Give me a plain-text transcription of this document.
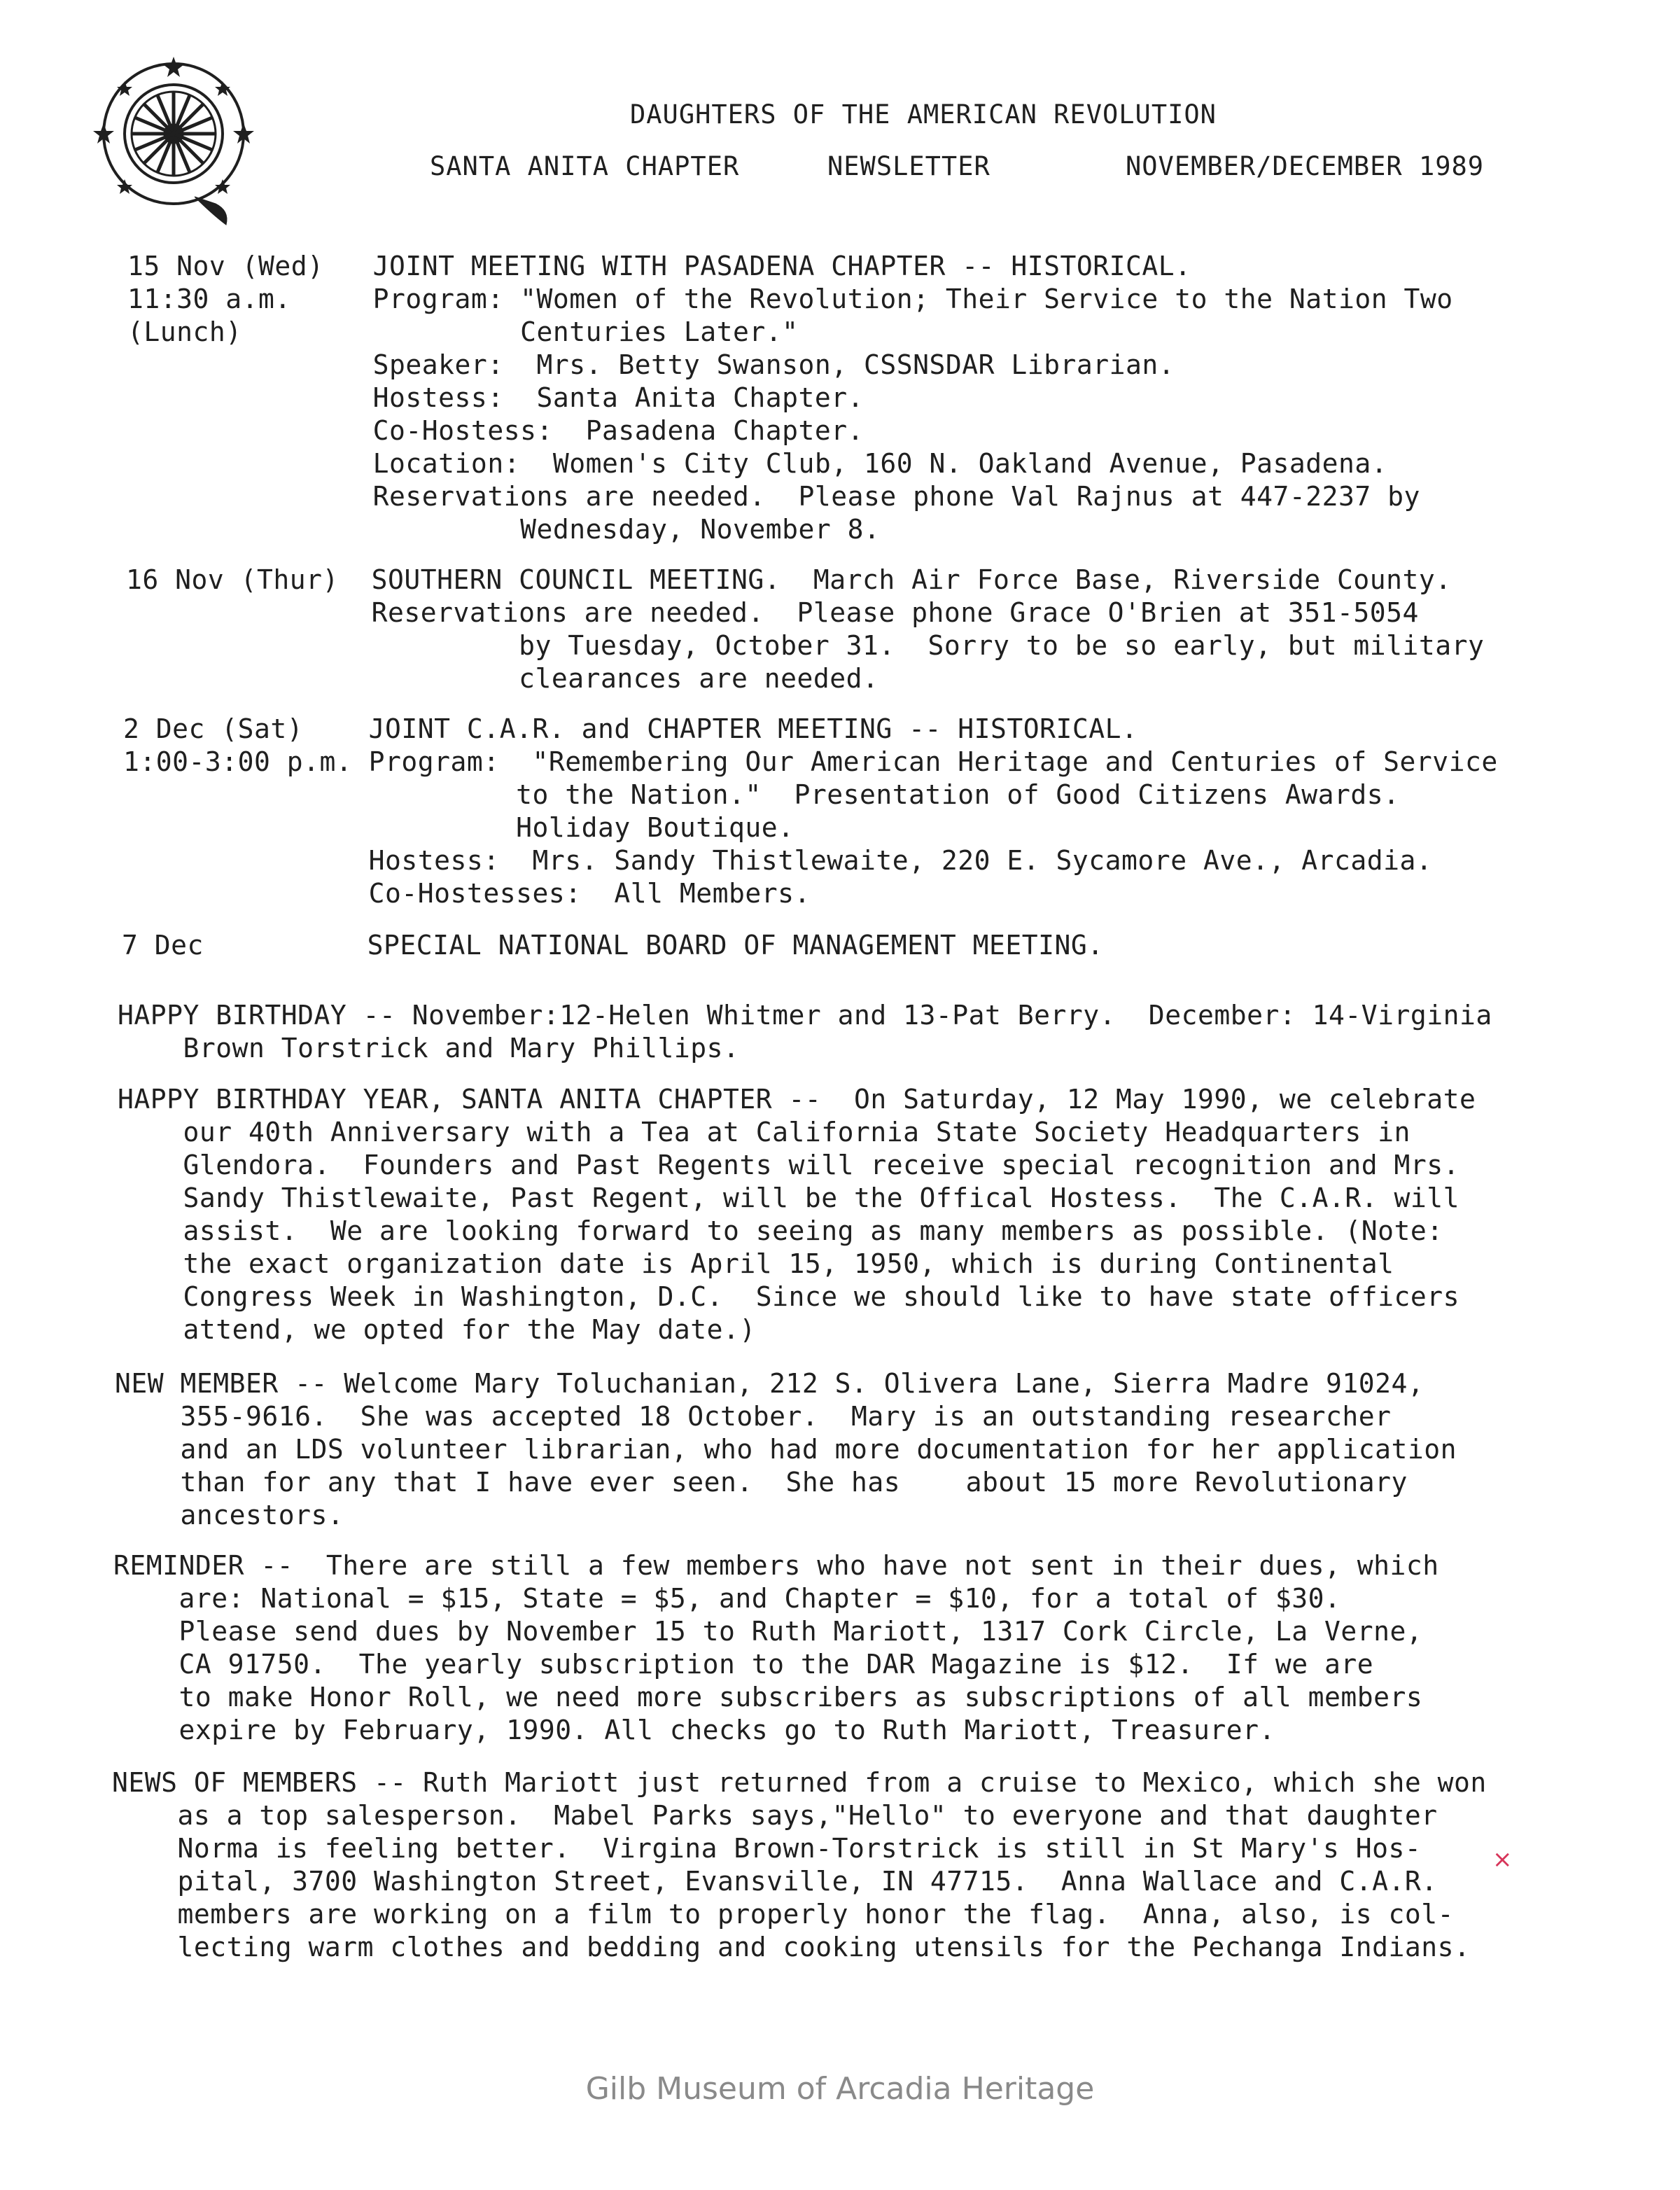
DAUGHTERS OF THE AMERICAN REVOLUTION
SANTA ANITA CHAPTER	NEWSLETTER	NOVEMBER/DECEMBER 1989
15 Nov (Wed)   JOINT MEETING WITH PASADENA CHAPTER -- HISTORICAL.
11:30 a.m.     Program: "Women of the Revolution; Their Service to the Nation Two
(Lunch)                 Centuries Later."
Speaker:  Mrs. Betty Swanson, CSSNSDAR Librarian.
Hostess:  Santa Anita Chapter.
Co-Hostess:  Pasadena Chapter.
Location:  Women's City Club, 160 N. Oakland Avenue, Pasadena.
Reservations are needed.  Please phone Val Rajnus at 447-2237 by
Wednesday, November 8.
16 Nov (Thur)  SOUTHERN COUNCIL MEETING.  March Air Force Base, Riverside County.
Reservations are needed.  Please phone Grace O'Brien at 351-5054
by Tuesday, October 31.  Sorry to be so early, but military
clearances are needed.
2 Dec (Sat)    JOINT C.A.R. and CHAPTER MEETING -- HISTORICAL.
1:00-3:00 p.m. Program:  "Remembering Our American Heritage and Centuries of Service
to the Nation."  Presentation of Good Citizens Awards.
Holiday Boutique.
Hostess:  Mrs. Sandy Thistlewaite, 220 E. Sycamore Ave., Arcadia.
Co-Hostesses:  All Members.
7 Dec          SPECIAL NATIONAL BOARD OF MANAGEMENT MEETING.
HAPPY BIRTHDAY -- November:12-Helen Whitmer and 13-Pat Berry.  December: 14-Virginia
Brown Torstrick and Mary Phillips.
HAPPY BIRTHDAY YEAR, SANTA ANITA CHAPTER --  On Saturday, 12 May 1990, we celebrate
our 40th Anniversary with a Tea at California State Society Headquarters in
Glendora.  Founders and Past Regents will receive special recognition and Mrs.
Sandy Thistlewaite, Past Regent, will be the Offical Hostess.  The C.A.R. will
assist.  We are looking forward to seeing as many members as possible. (Note:
the exact organization date is April 15, 1950, which is during Continental
Congress Week in Washington, D.C.  Since we should like to have state officers
attend, we opted for the May date.)
NEW MEMBER -- Welcome Mary Toluchanian, 212 S. Olivera Lane, Sierra Madre 91024,
355-9616.  She was accepted 18 October.  Mary is an outstanding researcher
and an LDS volunteer librarian, who had more documentation for her application
than for any that I have ever seen.  She has    about 15 more Revolutionary
ancestors.
REMINDER --  There are still a few members who have not sent in their dues, which
are: National = $15, State = $5, and Chapter = $10, for a total of $30.
Please send dues by November 15 to Ruth Mariott, 1317 Cork Circle, La Verne,
CA 91750.  The yearly subscription to the DAR Magazine is $12.  If we are
to make Honor Roll, we need more subscribers as subscriptions of all members
expire by February, 1990. All checks go to Ruth Mariott, Treasurer.
NEWS OF MEMBERS -- Ruth Mariott just returned from a cruise to Mexico, which she won
as a top salesperson.  Mabel Parks says,"Hello" to everyone and that daughter
Norma is feeling better.  Virgina Brown-Torstrick is still in St Mary's Hos-
pital, 3700 Washington Street, Evansville, IN 47715.  Anna Wallace and C.A.R.
members are working on a film to properly honor the flag.  Anna, also, is col-
lecting warm clothes and bedding and cooking utensils for the Pechanga Indians.
×
Gilb Museum of Arcadia Heritage
